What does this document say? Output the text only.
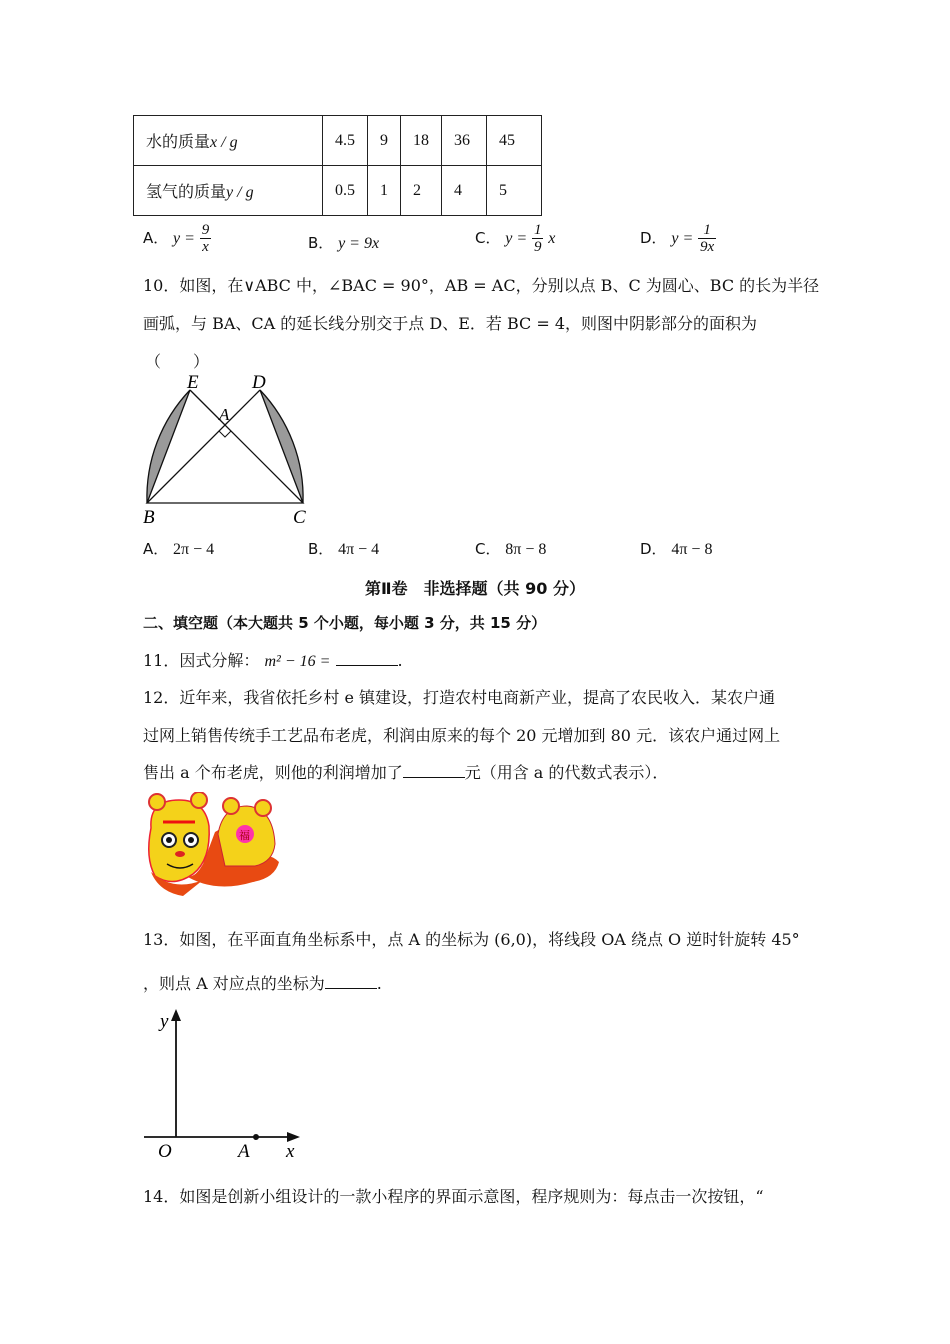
水的质量x / g	4.5	9	18	36	45
氢气的质量y / g	0.5	1	2	4	5
A． $y = \frac{9}{x}$	B． y = 9x	C． $y = \frac{1}{9}$ x	D． $y = \frac{1}{9x}$
10．如图，在∨ABC 中，∠BAC = 90°，AB = AC，分别以点 B、C 为圆心、BC 的长为半径
画弧，与 BA、CA 的延长线分别交于点 D、E．若 BC = 4，则图中阴影部分的面积为
（　　）
E	D
A
B	C
A． 2π − 4	B． 4π − 4	C． 8π − 8	D． 4π − 8
第Ⅱ卷　非选择题（共 90 分）
二、填空题（本大题共 5 个小题，每小题 3 分，共 15 分）
11．因式分解： m² − 16 =	.
12．近年来，我省依托乡村 e 镇建设，打造农村电商新产业，提高了农民收入．某农户通
过网上销售传统手工艺品布老虎，利润由原来的每个 20 元增加到 80 元．该农户通过网上
售出 a 个布老虎，则他的利润增加了	元（用含 a 的代数式表示）．
福
13．如图，在平面直角坐标系中，点 A 的坐标为 (6,0)，将线段 OA 绕点 O 逆时针旋转 45°
，则点 A 对应点的坐标为	.
y
x
O	A
14．如图是创新小组设计的一款小程序的界面示意图，程序规则为：每点击一次按钮，“
